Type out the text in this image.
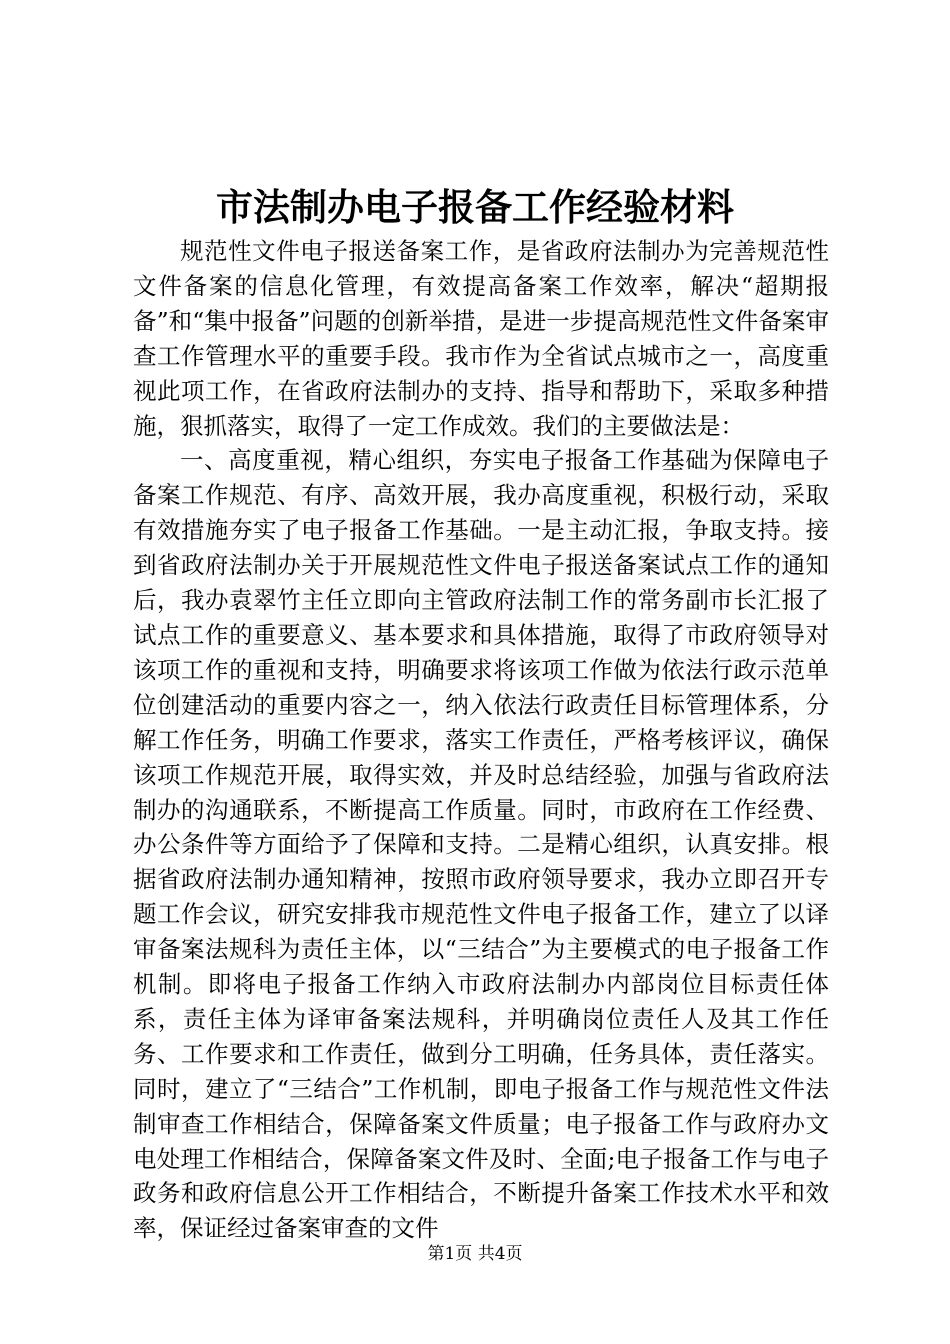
市法制办电子报备工作经验材料

规范性文件电子报送备案工作，是省政府法制办为完善规范性文件备案的信息化管理，有效提高备案工作效率，解决“超期报备”和“集中报备”问题的创新举措，是进一步提高规范性文件备案审查工作管理水平的重要手段。我市作为全省试点城市之一，高度重视此项工作，在省政府法制办的支持、指导和帮助下，采取多种措施，狠抓落实，取得了一定工作成效。我们的主要做法是：

一、高度重视，精心组织，夯实电子报备工作基础为保障电子备案工作规范、有序、高效开展，我办高度重视，积极行动，采取有效措施夯实了电子报备工作基础。一是主动汇报，争取支持。接到省政府法制办关于开展规范性文件电子报送备案试点工作的通知后，我办袁翠竹主任立即向主管政府法制工作的常务副市长汇报了试点工作的重要意义、基本要求和具体措施，取得了市政府领导对该项工作的重视和支持，明确要求将该项工作做为依法行政示范单位创建活动的重要内容之一，纳入依法行政责任目标管理体系，分解工作任务，明确工作要求，落实工作责任，严格考核评议，确保该项工作规范开展，取得实效，并及时总结经验，加强与省政府法制办的沟通联系，不断提高工作质量。同时，市政府在工作经费、办公条件等方面给予了保障和支持。二是精心组织，认真安排。根据省政府法制办通知精神，按照市政府领导要求，我办立即召开专题工作会议，研究安排我市规范性文件电子报备工作，建立了以译审备案法规科为责任主体，以“三结合”为主要模式的电子报备工作机制。即将电子报备工作纳入市政府法制办内部岗位目标责任体系，责任主体为译审备案法规科，并明确岗位责任人及其工作任务、工作要求和工作责任，做到分工明确，任务具体，责任落实。同时，建立了“三结合”工作机制，即电子报备工作与规范性文件法制审查工作相结合，保障备案文件质量；电子报备工作与政府办文电处理工作相结合，保障备案文件及时、全面;电子报备工作与电子政务和政府信息公开工作相结合，不断提升备案工作技术水平和效率，保证经过备案审查的文件

第1页 共4页
